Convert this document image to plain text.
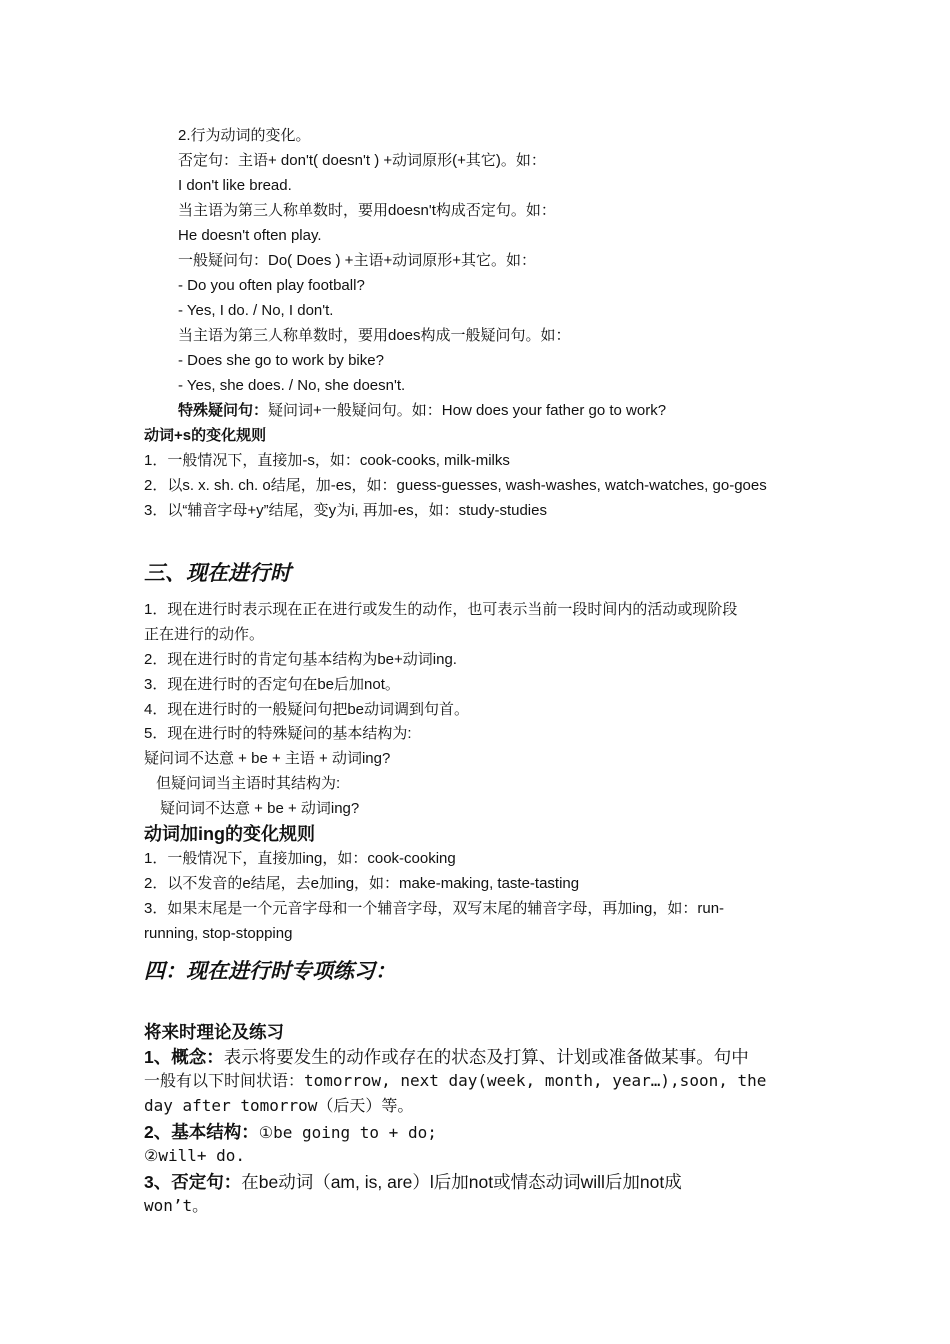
2.行为动词的变化。
否定句：主语+ don't( doesn't ) +动词原形(+其它)。如：
I don't like bread.
当主语为第三人称单数时，要用doesn't构成否定句。如：
He doesn't often play.
一般疑问句：Do( Does ) +主语+动词原形+其它。如：
- Do you often play football?
- Yes, I do. / No, I don't.
当主语为第三人称单数时，要用does构成一般疑问句。如：
- Does she go to work by bike?
- Yes, she does. / No, she doesn't.
特殊疑问句：疑问词+一般疑问句。如：How does your father go to work?
动词+s的变化规则
1．一般情况下，直接加-s，如：cook-cooks, milk-milks
2．以s. x. sh. ch. o结尾，加-es，如：guess-guesses, wash-washes, watch-watches, go-goes
3．以“辅音字母+y”结尾，变y为i, 再加-es，如：study-studies
三、现在进行时
1．现在进行时表示现在正在进行或发生的动作，也可表示当前一段时间内的活动或现阶段
正在进行的动作。
2．现在进行时的肯定句基本结构为be+动词ing.
3．现在进行时的否定句在be后加not。
4．现在进行时的一般疑问句把be动词调到句首。
5．现在进行时的特殊疑问的基本结构为:
疑问词不达意 + be + 主语 + 动词ing?
但疑问词当主语时其结构为:
疑问词不达意 + be + 动词ing?
动词加ing的变化规则
1．一般情况下，直接加ing，如：cook-cooking
2．以不发音的e结尾，去e加ing，如：make-making, taste-tasting
3．如果末尾是一个元音字母和一个辅音字母，双写末尾的辅音字母，再加ing，如：run-
running, stop-stopping
四：现在进行时专项练习：
将来时理论及练习
1、概念：表示将要发生的动作或存在的状态及打算、计划或准备做某事。句中
一般有以下时间状语：tomorrow, next day(week, month, year…),soon, the
day after tomorrow（后天）等。
2、基本结构：①be going to + do;
②will+ do.
3、否定句：在be动词（am, is, are）l后加not或情态动词will后加not成
won’t。
